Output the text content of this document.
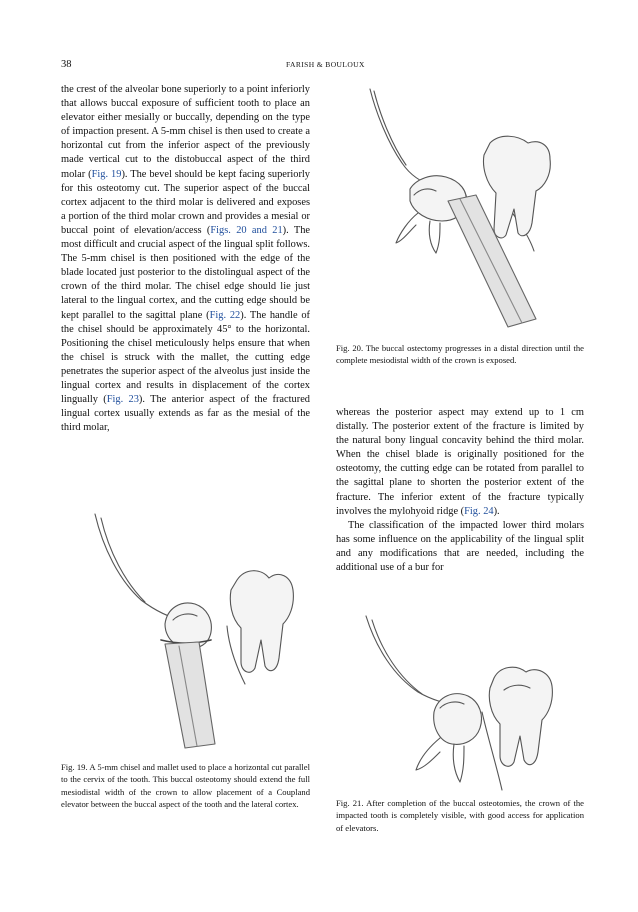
38	FARISH & BOULOUX

the crest of the alveolar bone superiorly to a point inferiorly that allows buccal exposure of sufficient tooth to place an elevator either mesially or buccally, depending on the type of impaction present. A 5-mm chisel is then used to create a horizontal cut from the inferior aspect of the previously made vertical cut to the distobuccal aspect of the third molar (Fig. 19). The bevel should be kept facing superiorly for this osteotomy cut. The superior aspect of the buccal cortex adjacent to the third molar is delivered and exposes a portion of the third molar crown and provides a mesial or buccal point of elevation/access (Figs. 20 and 21). The most difficult and crucial aspect of the lingual split follows. The 5-mm chisel is then positioned with the edge of the blade located just posterior to the distolingual aspect of the crown of the third molar. The chisel edge should lie just lateral to the lingual cortex, and the cutting edge should be kept parallel to the sagittal plane (Fig. 22). The handle of the chisel should be approximately 45° to the horizontal. Positioning the chisel meticulously helps ensure that when the chisel is struck with the mallet, the cutting edge penetrates the superior aspect of the alveolus just inside the lingual cortex and results in displacement of the cortex lingually (Fig. 23). The anterior aspect of the fractured lingual cortex usually extends as far as the mesial of the third molar,

Fig. 20. The buccal ostectomy progresses in a distal direction until the complete mesiodistal width of the crown is exposed.

whereas the posterior aspect may extend up to 1 cm distally. The posterior extent of the fracture is limited by the natural bony lingual concavity behind the third molar. When the chisel blade is originally positioned for the osteotomy, the cutting edge can be rotated from parallel to the sagittal plane to shorten the posterior extent of the fracture. The inferior extent of the fracture typically involves the mylohyoid ridge (Fig. 24).

The classification of the impacted lower third molars has some influence on the applicability of the lingual split and any modifications that are needed, including the additional use of a bur for

Fig. 19. A 5-mm chisel and mallet used to place a horizontal cut parallel to the cervix of the tooth. This buccal osteotomy should extend the full mesiodistal width of the crown to allow placement of a Coupland elevator between the buccal aspect of the tooth and the lateral cortex.	Fig. 21. After completion of the buccal osteotomies, the crown of the impacted tooth is completely visible, with good access for application of elevators.
